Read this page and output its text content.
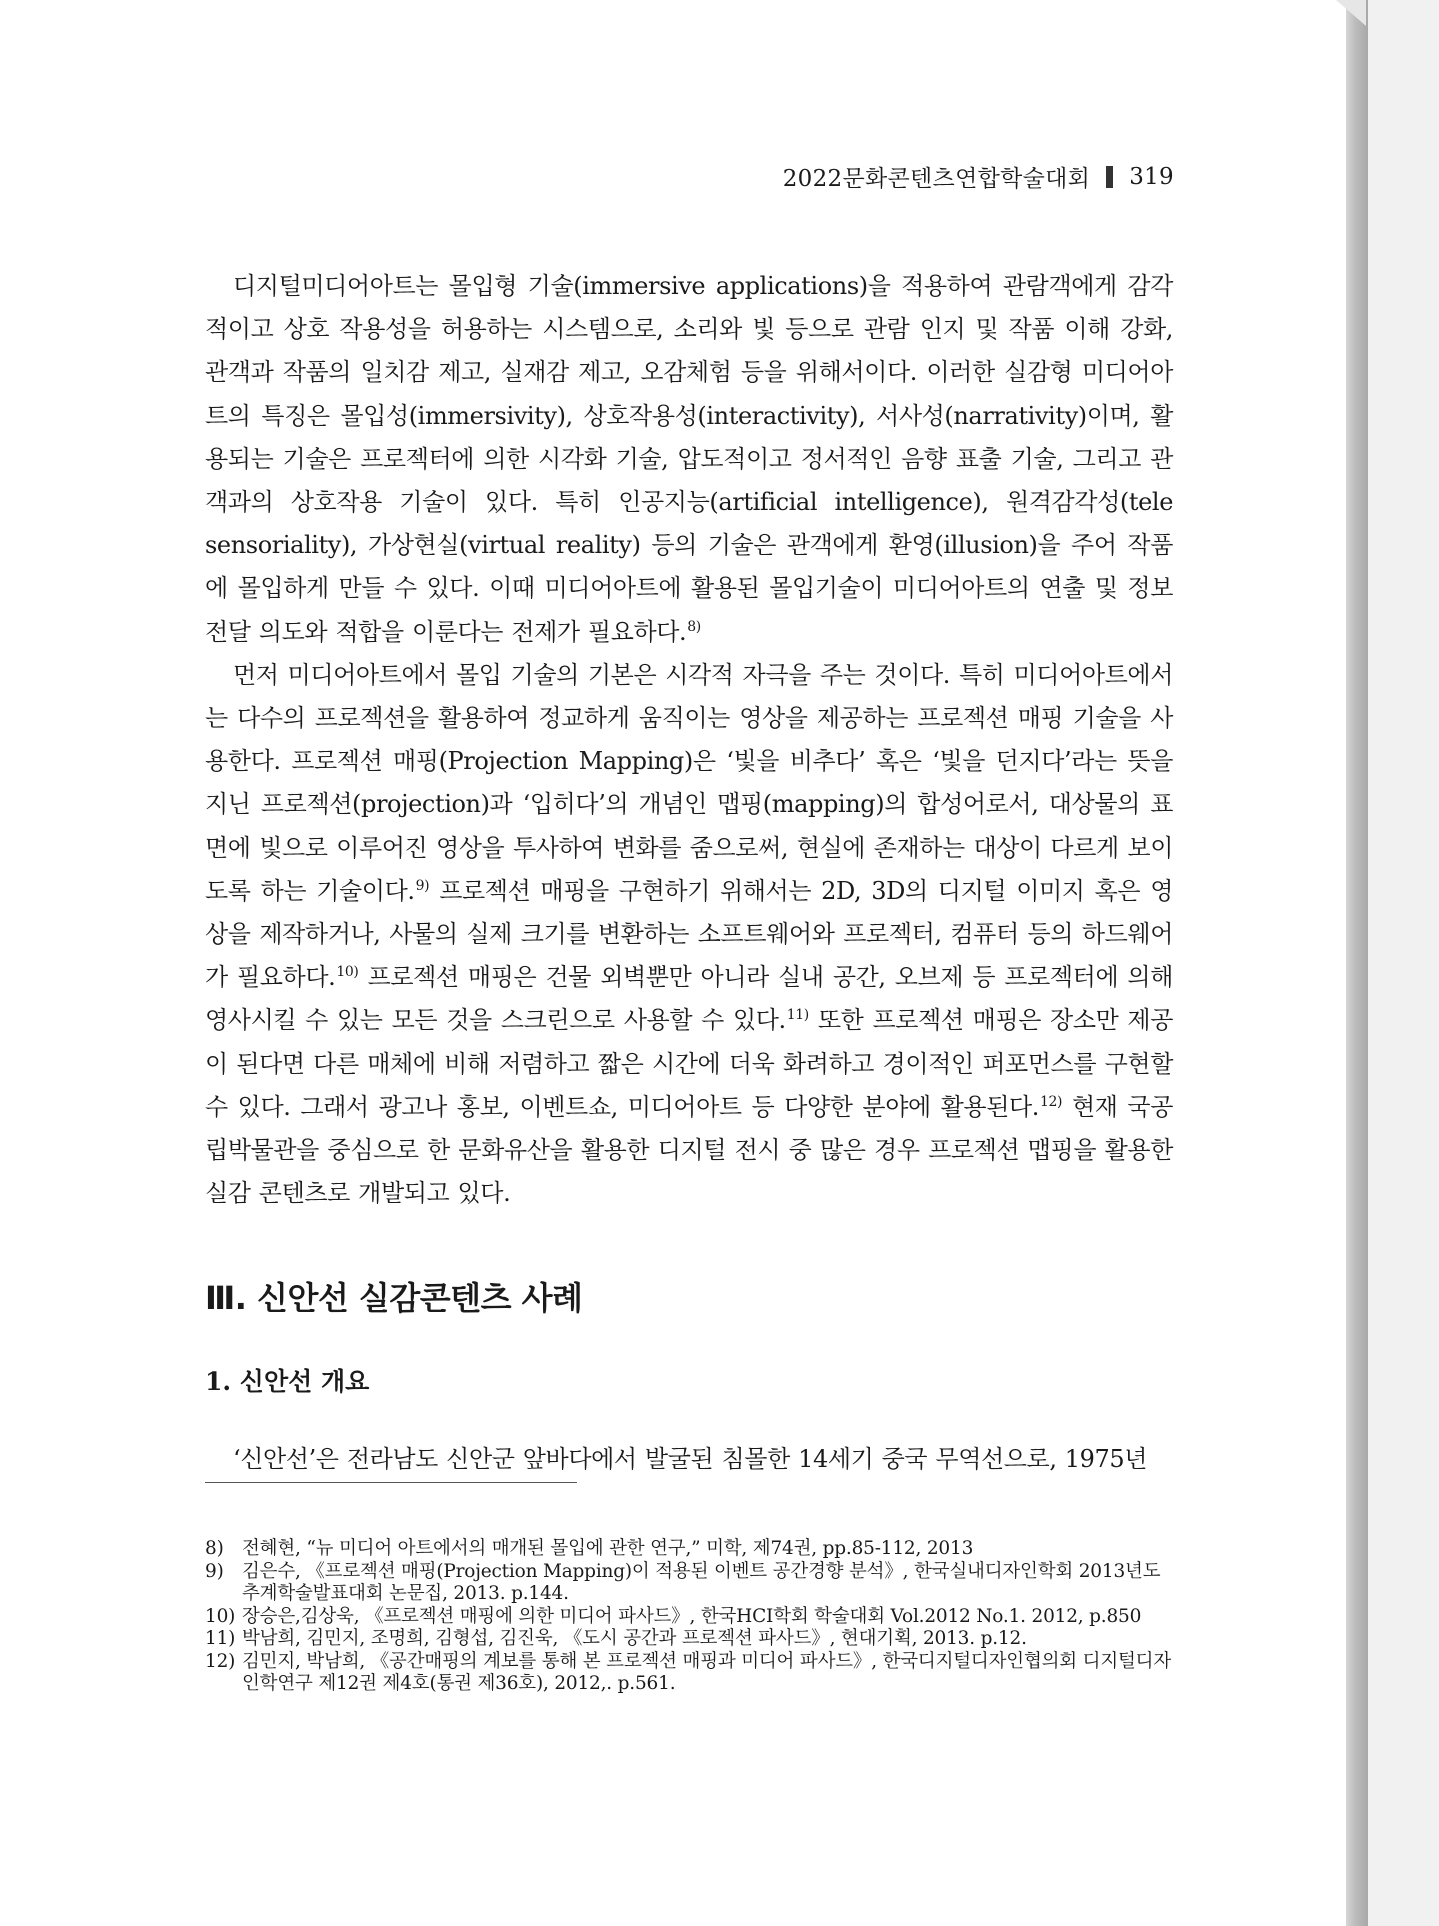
2022문화콘텐츠연합학술대회 319

디지털미디어아트는 몰입형 기술(immersive applications)을 적용하여 관람객에게 감각적이고 상호 작용성을 허용하는 시스템으로, 소리와 빛 등으로 관람 인지 및 작품 이해 강화, 관객과 작품의 일치감 제고, 실재감 제고, 오감체험 등을 위해서이다. 이러한 실감형 미디어아트의 특징은 몰입성(immersivity), 상호작용성(interactivity), 서사성(narrativity)이며, 활용되는 기술은 프로젝터에 의한 시각화 기술, 압도적이고 정서적인 음향 표출 기술, 그리고 관객과의 상호작용 기술이 있다. 특히 인공지능(artificial intelligence), 원격감각성(tele sensoriality), 가상현실(virtual reality) 등의 기술은 관객에게 환영(illusion)을 주어 작품에 몰입하게 만들 수 있다. 이때 미디어아트에 활용된 몰입기술이 미디어아트의 연출 및 정보전달 의도와 적합을 이룬다는 전제가 필요하다.$^{8)}$

먼저 미디어아트에서 몰입 기술의 기본은 시각적 자극을 주는 것이다. 특히 미디어아트에서는 다수의 프로젝션을 활용하여 정교하게 움직이는 영상을 제공하는 프로젝션 매핑 기술을 사용한다. 프로젝션 매핑(Projection Mapping)은 ‘빛을 비추다’ 혹은 ‘빛을 던지다’라는 뜻을 지닌 프로젝션(projection)과 ‘입히다’의 개념인 맵핑(mapping)의 합성어로서, 대상물의 표면에 빛으로 이루어진 영상을 투사하여 변화를 줌으로써, 현실에 존재하는 대상이 다르게 보이도록 하는 기술이다.$^{9)}$ 프로젝션 매핑을 구현하기 위해서는 2D, 3D의 디지털 이미지 혹은 영상을 제작하거나, 사물의 실제 크기를 변환하는 소프트웨어와 프로젝터, 컴퓨터 등의 하드웨어가 필요하다.$^{10)}$ 프로젝션 매핑은 건물 외벽뿐만 아니라 실내 공간, 오브제 등 프로젝터에 의해 영사시킬 수 있는 모든 것을 스크린으로 사용할 수 있다.$^{11)}$ 또한 프로젝션 매핑은 장소만 제공이 된다면 다른 매체에 비해 저렴하고 짧은 시간에 더욱 화려하고 경이적인 퍼포먼스를 구현할 수 있다. 그래서 광고나 홍보, 이벤트쇼, 미디어아트 등 다양한 분야에 활용된다.$^{12)}$ 현재 국공립박물관을 중심으로 한 문화유산을 활용한 디지털 전시 중 많은 경우 프로젝션 맵핑을 활용한 실감 콘텐츠로 개발되고 있다.

Ⅲ. 신안선 실감콘텐츠 사례
1. 신안선 개요

‘신안선’은 전라남도 신안군 앞바다에서 발굴된 침몰한 14세기 중국 무역선으로, 1975년

8) 전혜현, “뉴 미디어 아트에서의 매개된 몰입에 관한 연구,” 미학, 제74권, pp.85-112, 2013
9) 김은수, 《프로젝션 매핑(Projection Mapping)이 적용된 이벤트 공간경향 분석》, 한국실내디자인학회 2013년도 추계학술발표대회 논문집, 2013. p.144.
10) 장승은,김상욱, 《프로젝션 매핑에 의한 미디어 파사드》, 한국HCI학회 학술대회 Vol.2012 No.1. 2012, p.850
11) 박남희, 김민지, 조명희, 김형섭, 김진욱, 《도시 공간과 프로젝션 파사드》, 현대기획, 2013. p.12.
12) 김민지, 박남희, 《공간매핑의 계보를 통해 본 프로젝션 매핑과 미디어 파사드》, 한국디지털디자인협의회 디지털디자인학연구 제12권 제4호(통권 제36호), 2012,. p.561.
